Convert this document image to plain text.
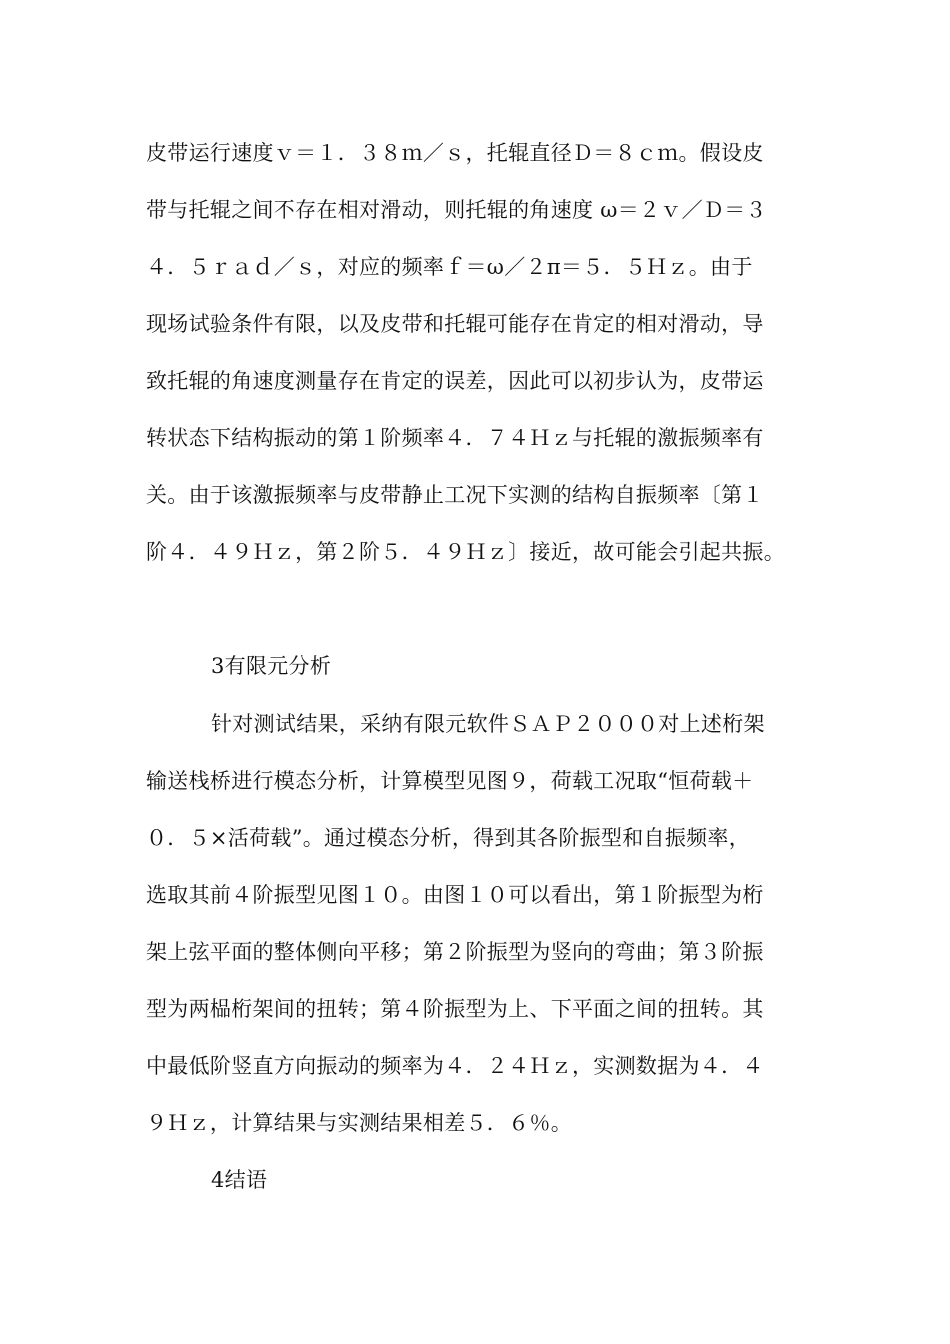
皮带运行速度ｖ＝１．３８ｍ／ｓ，托辊直径Ｄ＝８ｃｍ。假设皮
带与托辊之间不存在相对滑动，则托辊的角速度 ω＝２ｖ／Ｄ＝３
４．５ｒａｄ／ｓ，对应的频率ｆ＝ω／２π＝５．５Ｈｚ。由于
现场试验条件有限，以及皮带和托辊可能存在肯定的相对滑动，导
致托辊的角速度测量存在肯定的误差，因此可以初步认为，皮带运
转状态下结构振动的第１阶频率４．７４Ｈｚ与托辊的激振频率有
关。由于该激振频率与皮带静止工况下实测的结构自振频率〔第１
阶４．４９Ｈｚ，第２阶５．４９Ｈｚ〕接近，故可能会引起共振。
3有限元分析
针对测试结果，采纳有限元软件ＳＡＰ２０００对上述桁架
输送栈桥进行模态分析，计算模型见图９，荷载工况取“恒荷载＋
０．５×活荷载”。通过模态分析，得到其各阶振型和自振频率，
选取其前４阶振型见图１０。由图１０可以看出，第１阶振型为桁
架上弦平面的整体侧向平移；第２阶振型为竖向的弯曲；第３阶振
型为两榀桁架间的扭转；第４阶振型为上、下平面之间的扭转。其
中最低阶竖直方向振动的频率为４．２４Ｈｚ，实测数据为４．４
９Ｈｚ，计算结果与实测结果相差５．６％。
4结语
